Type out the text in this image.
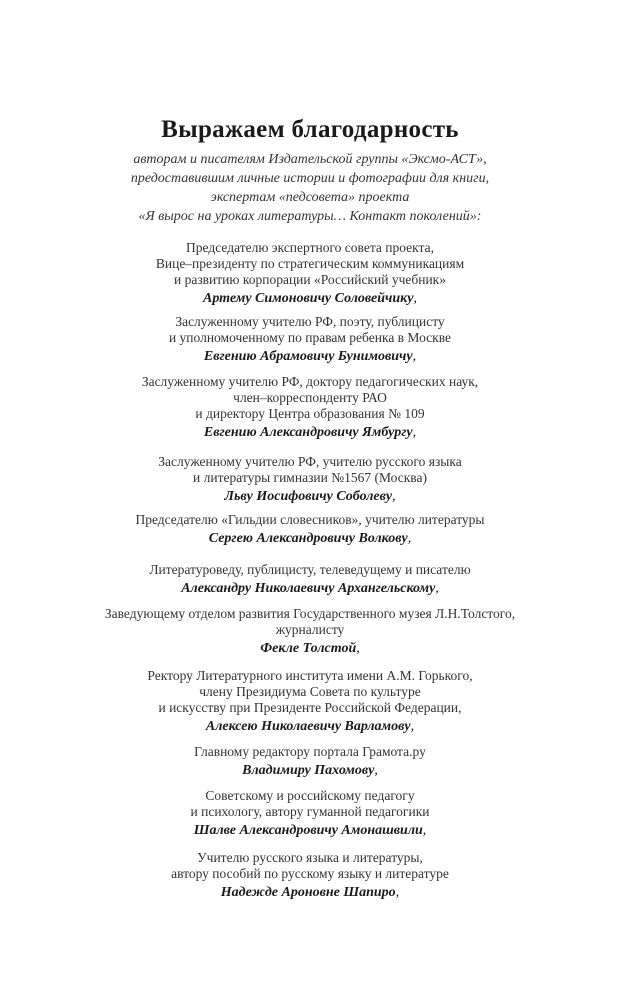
Выражаем благодарность
авторам и писателям Издательской группы «Эксмо-АСТ»,
предоставившим личные истории и фотографии для книги,
экспертам «педсовета» проекта
«Я вырос на уроках литературы… Контакт поколений»:
Председателю экспертного совета проекта,
Вице–президенту по стратегическим коммуникациям
и развитию корпорации «Российский учебник»
Артему Симоновичу Соловейчику,
Заслуженному учителю РФ, поэту, публицисту
и уполномоченному по правам ребенка в Москве
Евгению Абрамовичу Бунимовичу,
Заслуженному учителю РФ, доктору педагогических наук,
член–корреспонденту РАО
и директору Центра образования № 109
Евгению Александровичу Ямбургу,
Заслуженному учителю РФ, учителю русского языка
и литературы гимназии №1567 (Москва)
Льву Иосифовичу Соболеву,
Председателю «Гильдии словесников», учителю литературы
Сергею Александровичу Волкову,
Литературоведу, публицисту, телеведущему и писателю
Александру Николаевичу Архангельскому,
Заведующему отделом развития Государственного музея Л.Н.Толстого,
журналисту
Фекле Толстой,
Ректору Литературного института имени А.М. Горького,
члену Президиума Совета по культуре
и искусству при Президенте Российской Федерации,
Алексею Николаевичу Варламову,
Главному редактору портала Грамота.ру
Владимиру Пахомову,
Советскому и российскому педагогу
и психологу, автору гуманной педагогики
Шалве Александровичу Амонашвили,
Учителю русского языка и литературы,
автору пособий по русскому языку и литературе
Надежде Ароновне Шапиро,
